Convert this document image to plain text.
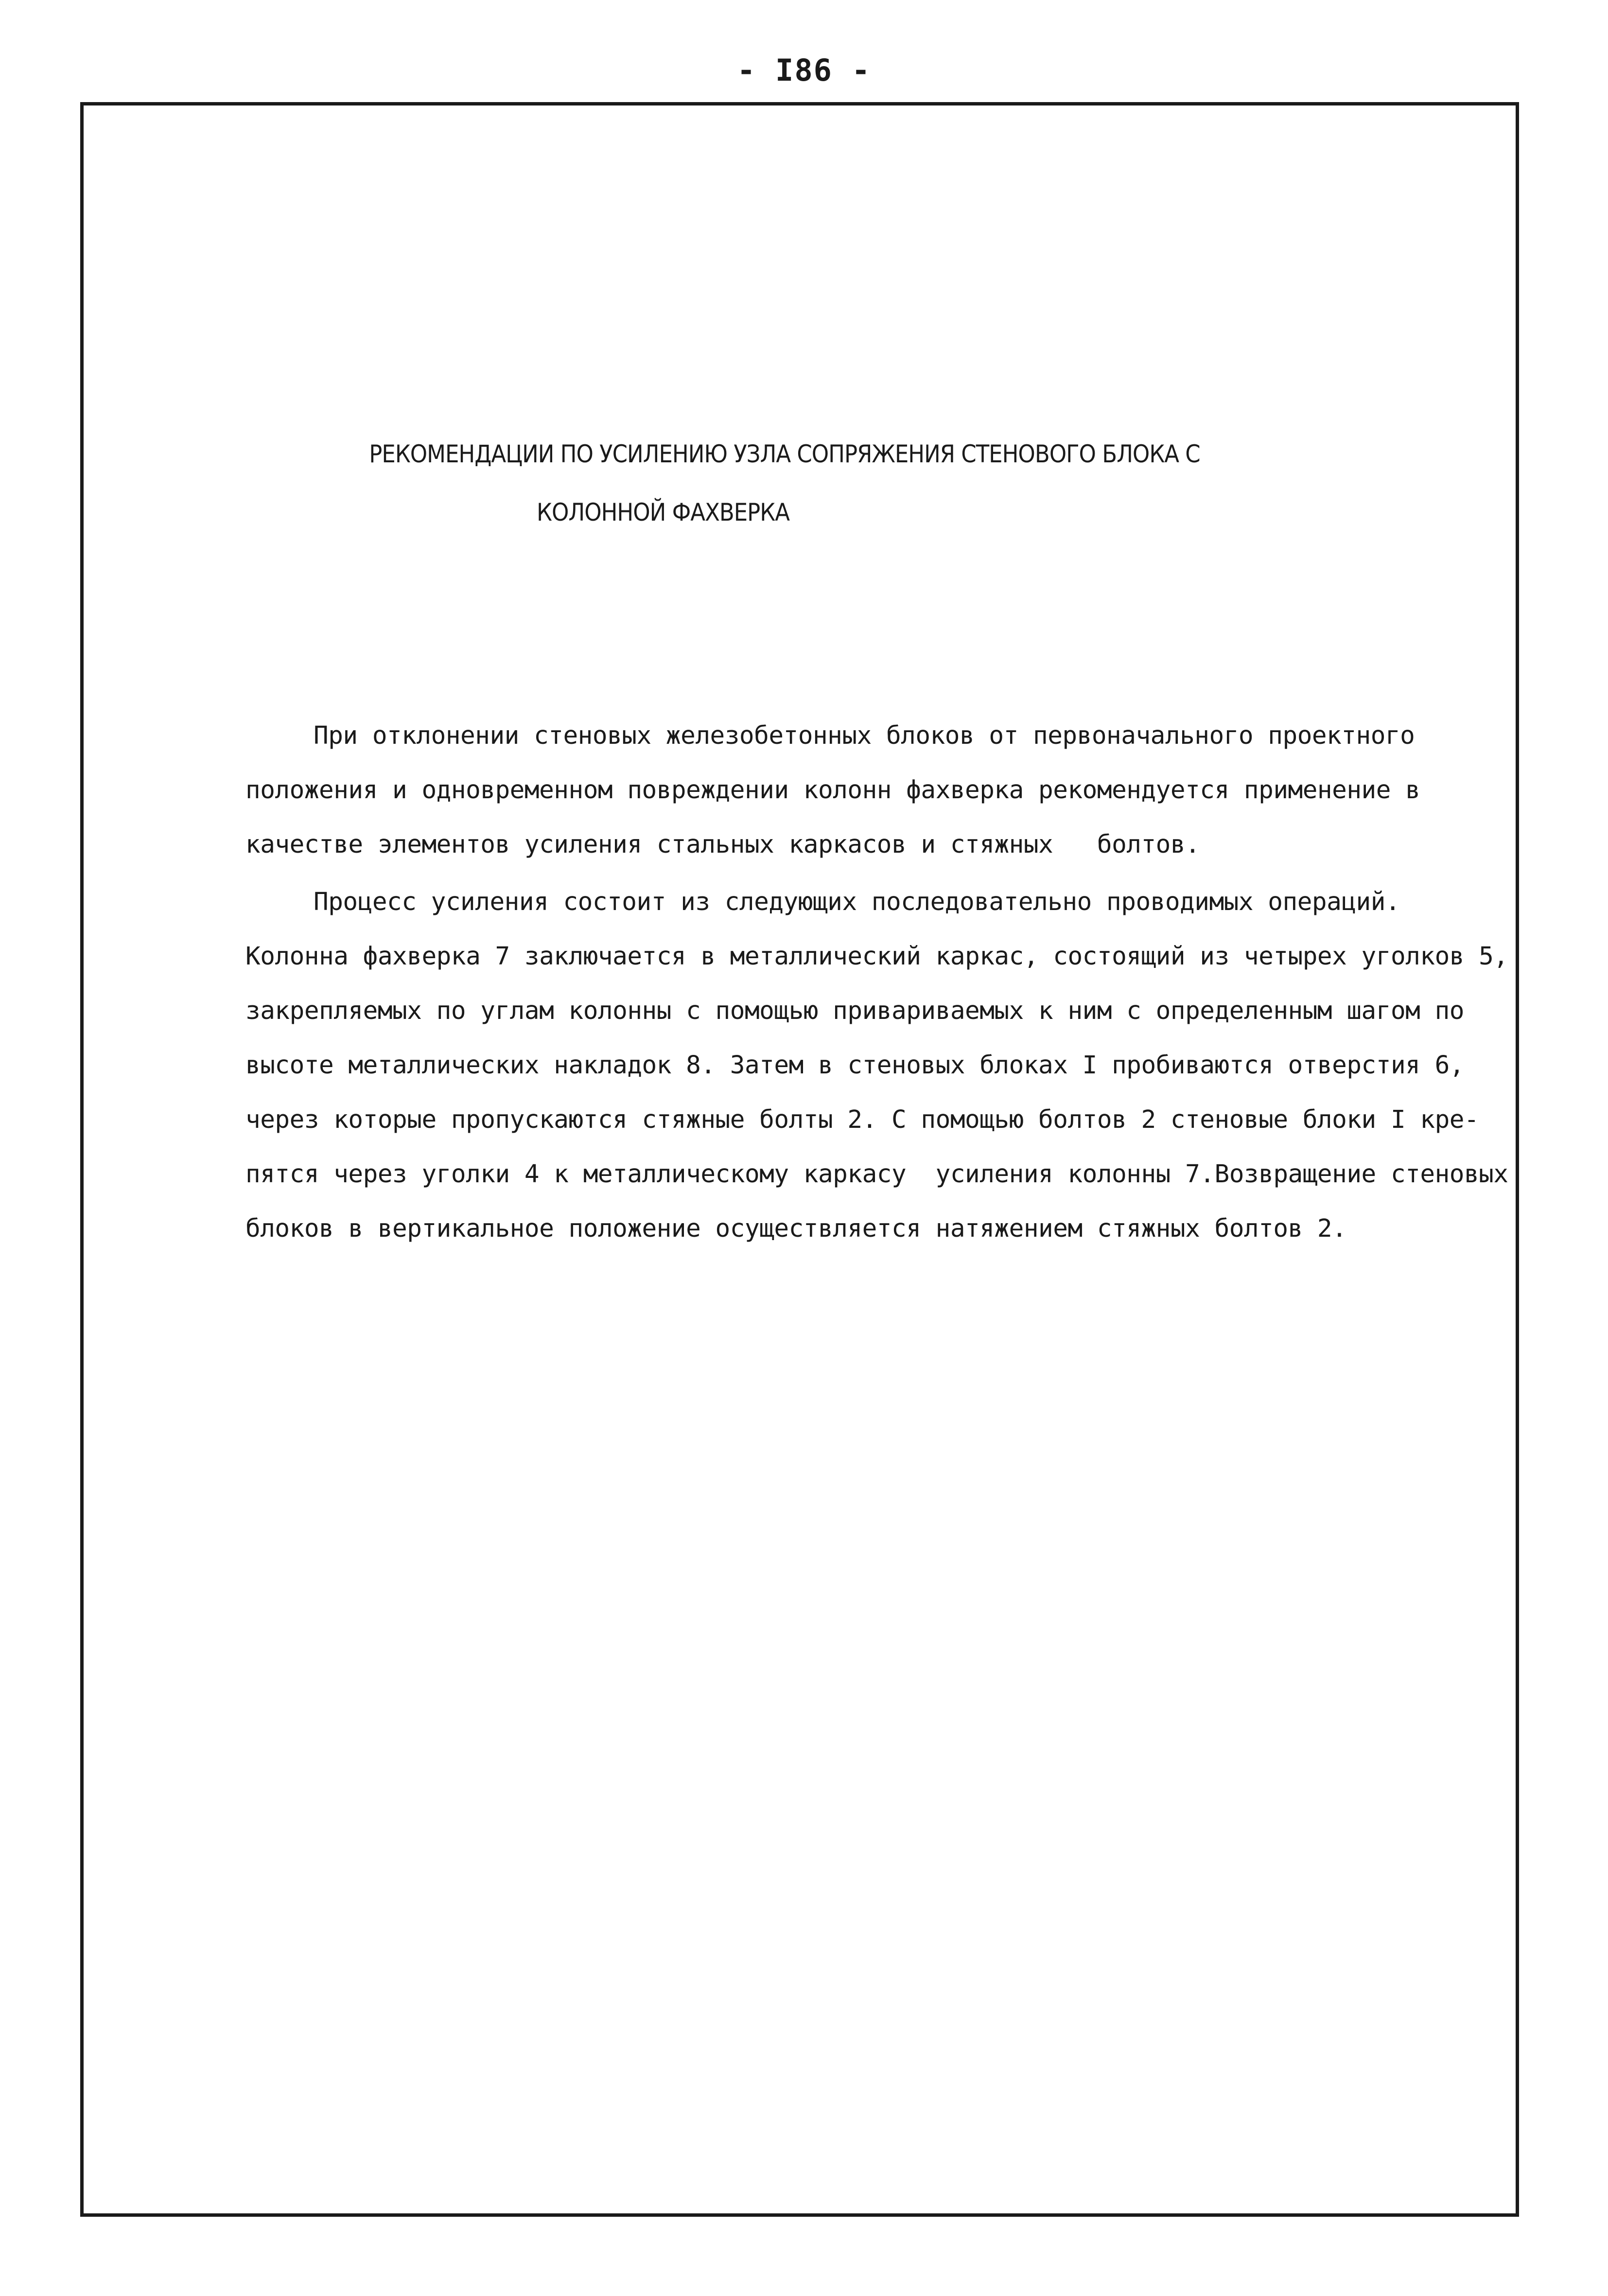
- I86 -
РЕКОМЕНДАЦИИ ПО УСИЛЕНИЮ УЗЛА СОПРЯЖЕНИЯ СТЕНОВОГО БЛОКА С
КОЛОННОЙ ФАХВЕРКА
При отклонении стеновых железобетонных блоков от первоначального проектного
положения и одновременном повреждении колонн фахверка рекомендуется применение в
качестве элементов усиления стальных каркасов и стяжных   болтов.
Процесс усиления состоит из следующих последовательно проводимых операций.
Колонна фахверка 7 заключается в металлический каркас, состоящий из четырех уголков 5,
закрепляемых по углам колонны с помощью привариваемых к ним с определенным шагом по
высоте металлических накладок 8. Затем в стеновых блоках I пробиваются отверстия 6,
через которые пропускаются стяжные болты 2. С помощью болтов 2 стеновые блоки I кре-
пятся через уголки 4 к металлическому каркасу  усиления колонны 7.Возвращение стеновых
блоков в вертикальное положение осуществляется натяжением стяжных болтов 2.
